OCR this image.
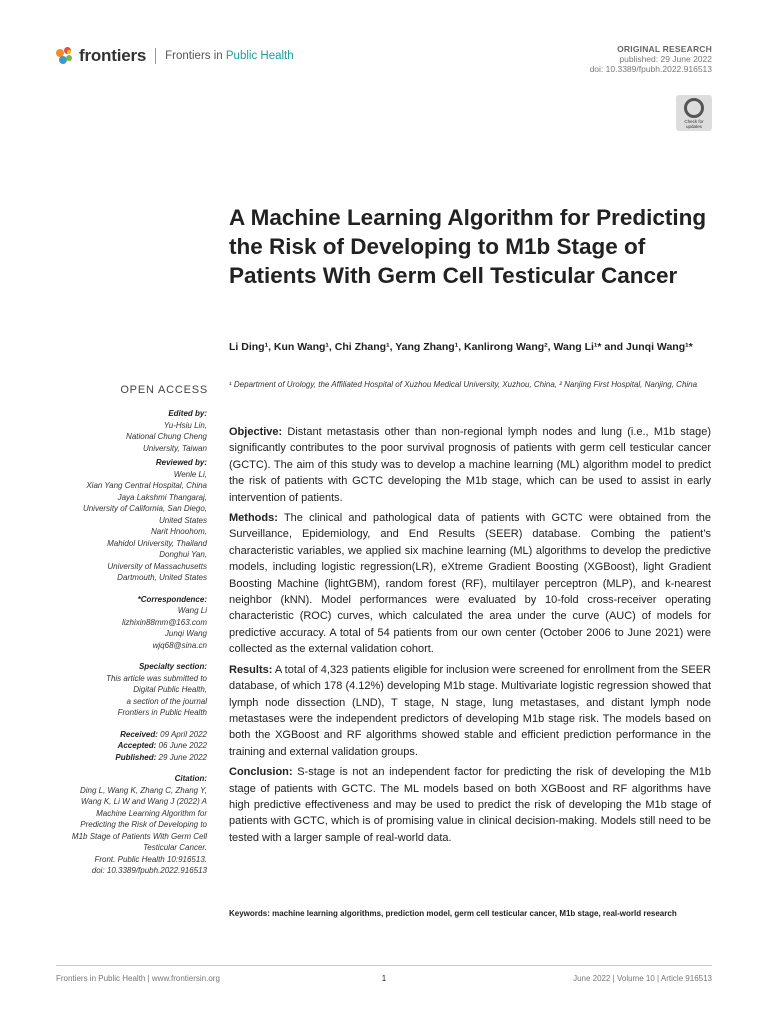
frontiers Frontiers in Public Health
ORIGINAL RESEARCH
published: 29 June 2022
doi: 10.3389/fpubh.2022.916513
Check for updates
A Machine Learning Algorithm for Predicting the Risk of Developing to M1b Stage of Patients With Germ Cell Testicular Cancer
Li Ding¹, Kun Wang¹, Chi Zhang¹, Yang Zhang¹, Kanlirong Wang², Wang Li¹* and Junqi Wang¹*
¹ Department of Urology, the Affiliated Hospital of Xuzhou Medical University, Xuzhou, China, ² Nanjing First Hospital, Nanjing, China
OPEN ACCESS
Edited by:
Yu-Hsiu Lin,
National Chung Cheng
University, Taiwan
Reviewed by:
Wenle Li,
Xian Yang Central Hospital, China
Jaya Lakshmi Thangaraj,
University of California, San Diego,
United States
Narit Hnoohom,
Mahidol University, Thailand
Donghui Yan,
University of Massachusetts
Dartmouth, United States
*Correspondence:
Wang Li
lizhixin88mm@163.com
Junqi Wang
wjq68@sina.cn
Specialty section:
This article was submitted to
Digital Public Health,
a section of the journal
Frontiers in Public Health
Received: 09 April 2022
Accepted: 06 June 2022
Published: 29 June 2022
Citation:
Ding L, Wang K, Zhang C, Zhang Y,
Wang K, Li W and Wang J (2022) A
Machine Learning Algorithm for
Predicting the Risk of Developing to
M1b Stage of Patients With Germ Cell
Testicular Cancer.
Front. Public Health 10:916513.
doi: 10.3389/fpubh.2022.916513

Objective: Distant metastasis other than non-regional lymph nodes and lung (i.e., M1b stage) significantly contributes to the poor survival prognosis of patients with germ cell testicular cancer (GCTC). The aim of this study was to develop a machine learning (ML) algorithm model to predict the risk of patients with GCTC developing the M1b stage, which can be used to assist in early intervention of patients.

Methods: The clinical and pathological data of patients with GCTC were obtained from the Surveillance, Epidemiology, and End Results (SEER) database. Combing the patient’s characteristic variables, we applied six machine learning (ML) algorithms to develop the predictive models, including logistic regression(LR), eXtreme Gradient Boosting (XGBoost), light Gradient Boosting Machine (lightGBM), random forest (RF), multilayer perceptron (MLP), and k-nearest neighbor (kNN). Model performances were evaluated by 10-fold cross-receiver operating characteristic (ROC) curves, which calculated the area under the curve (AUC) of models for predictive accuracy. A total of 54 patients from our own center (October 2006 to June 2021) were collected as the external validation cohort.

Results: A total of 4,323 patients eligible for inclusion were screened for enrollment from the SEER database, of which 178 (4.12%) developing M1b stage. Multivariate logistic regression showed that lymph node dissection (LND), T stage, N stage, lung metastases, and distant lymph node metastases were the independent predictors of developing M1b stage risk. The models based on both the XGBoost and RF algorithms showed stable and efficient prediction performance in the training and external validation groups.

Conclusion: S-stage is not an independent factor for predicting the risk of developing the M1b stage of patients with GCTC. The ML models based on both XGBoost and RF algorithms have high predictive effectiveness and may be used to predict the risk of developing the M1b stage of patients with GCTC, which is of promising value in clinical decision-making. Models still need to be tested with a larger sample of real-world data.

Keywords: machine learning algorithms, prediction model, germ cell testicular cancer, M1b stage, real-world research
Frontiers in Public Health | www.frontiersin.org	1	June 2022 | Volume 10 | Article 916513
